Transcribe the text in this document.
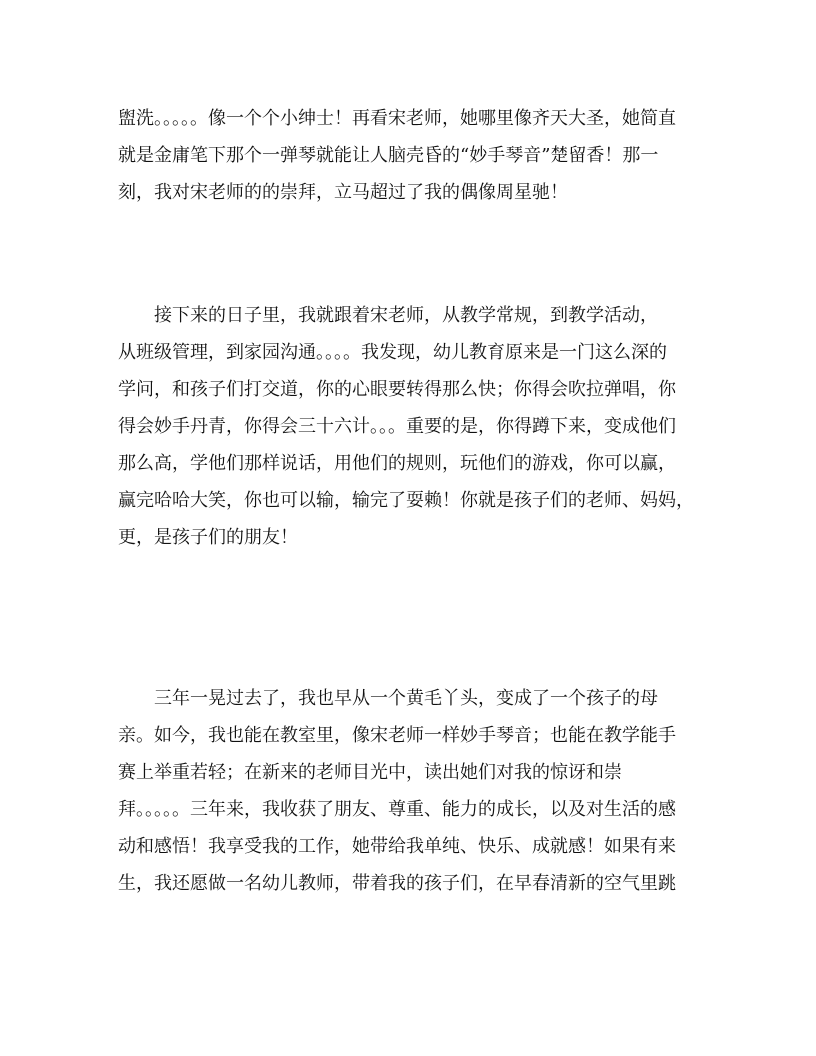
盥洗。。。。。像一个个小绅士！再看宋老师，她哪里像齐天大圣，她简直
就是金庸笔下那个一弹琴就能让人脑壳昏的“妙手琴音”楚留香！那一
刻，我对宋老师的的崇拜，立马超过了我的偶像周星驰！
　　接下来的日子里，我就跟着宋老师，从教学常规，到教学活动，
从班级管理，到家园沟通。。。。我发现，幼儿教育原来是一门这么深的
学问，和孩子们打交道，你的心眼要转得那么快；你得会吹拉弹唱，你
得会妙手丹青，你得会三十六计。。。重要的是，你得蹲下来，变成他们
那么高，学他们那样说话，用他们的规则，玩他们的游戏，你可以赢，
赢完哈哈大笑，你也可以输，输完了耍赖！你就是孩子们的老师、妈妈，
更，是孩子们的朋友！
　　三年一晃过去了，我也早从一个黄毛丫头，变成了一个孩子的母
亲。如今，我也能在教室里，像宋老师一样妙手琴音；也能在教学能手
赛上举重若轻；在新来的老师目光中，读出她们对我的惊讶和崇
拜。。。。。三年来，我收获了朋友、尊重、能力的成长，以及对生活的感
动和感悟！我享受我的工作，她带给我单纯、快乐、成就感！如果有来
生，我还愿做一名幼儿教师，带着我的孩子们，在早春清新的空气里跳
